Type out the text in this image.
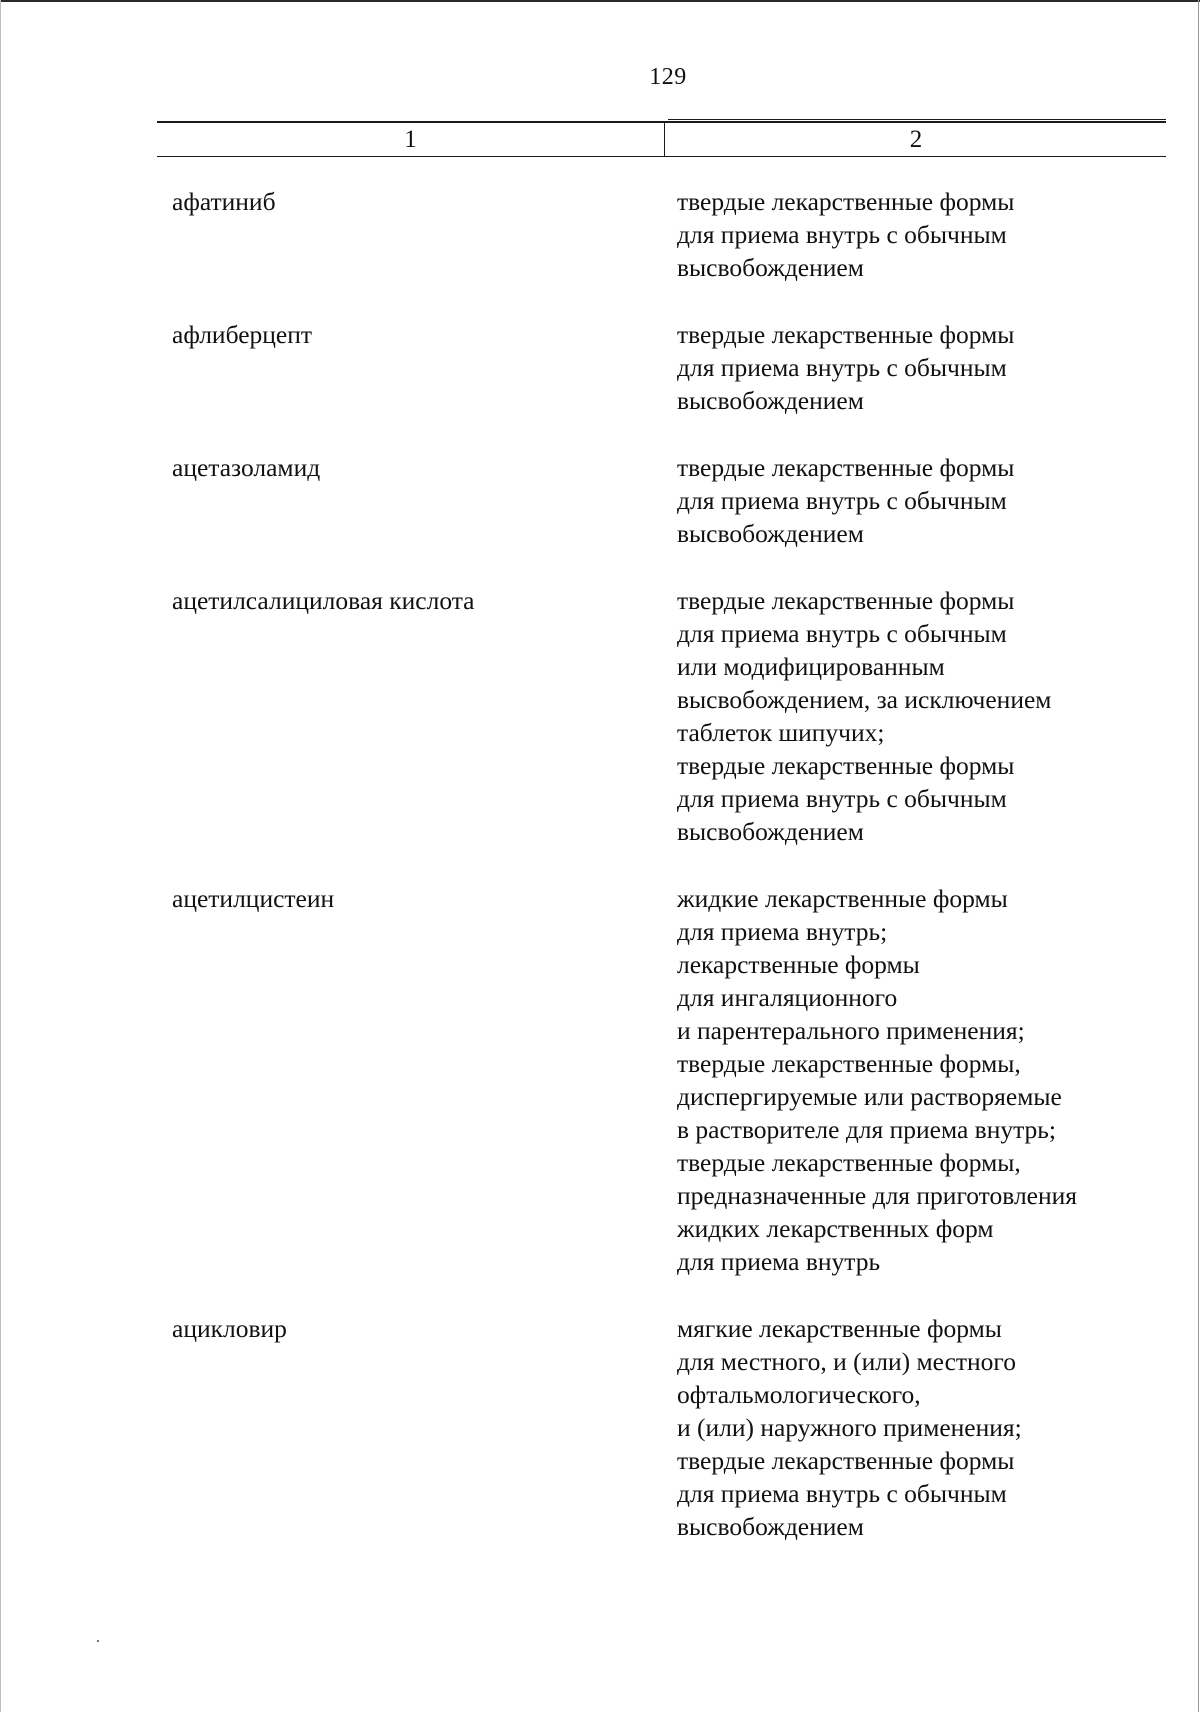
129
1	2
афатиниб	твердые лекарственные формы
для приема внутрь с обычным
высвобождением
афлиберцепт	твердые лекарственные формы
для приема внутрь с обычным
высвобождением
ацетазоламид	твердые лекарственные формы
для приема внутрь с обычным
высвобождением
ацетилсалициловая кислота	твердые лекарственные формы
для приема внутрь с обычным
или модифицированным
высвобождением, за исключением
таблеток шипучих;
твердые лекарственные формы
для приема внутрь с обычным
высвобождением
ацетилцистеин	жидкие лекарственные формы
для приема внутрь;
лекарственные формы
для ингаляционного
и парентерального применения;
твердые лекарственные формы,
диспергируемые или растворяемые
в растворителе для приема внутрь;
твердые лекарственные формы,
предназначенные для приготовления
жидких лекарственных форм
для приема внутрь
ацикловир	мягкие лекарственные формы
для местного, и (или) местного
офтальмологического,
и (или) наружного применения;
твердые лекарственные формы
для приема внутрь с обычным
высвобождением
